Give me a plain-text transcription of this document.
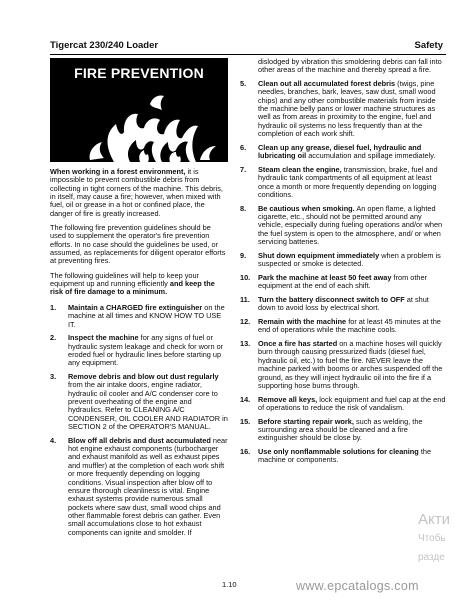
Tigercat 230/240 Loader	Safety
FIRE PREVENTION

When working in a forest environment, it is impossible to prevent combustible debris from collecting in tight corners of the machine. This debris, in itself, may cause a fire; however, when mixed with fuel, oil or grease in a hot or confined place, the danger of fire is greatly increased.

The following fire prevention guidelines should be used to supplement the operator's fire prevention efforts. In no case should the guidelines be used, or assumed, as replacements for diligent operator efforts at preventing fires.

The following guidelines will help to keep your equipment up and running efficiently and keep the risk of fire damage to a minimum.

1. Maintain a CHARGED fire extinguisher on the machine at all times and KNOW HOW TO USE IT.
2. Inspect the machine for any signs of fuel or hydraulic system leakage and check for worn or eroded fuel or hydraulic lines before starting up any equipment.
3. Remove debris and blow out dust regularly from the air intake doors, engine radiator, hydraulic oil cooler and A/C condenser core to prevent overheating of the engine and hydraulics. Refer to CLEANING A/C CONDENSER, OIL COOLER AND RADIATOR in SECTION 2 of the OPERATOR'S MANUAL.
4. Blow off all debris and dust accumulated near hot engine exhaust components (turbocharger and exhaust manifold as well as exhaust pipes and muffler) at the completion of each work shift or more frequently depending on logging conditions. Visual inspection after blow off to ensure thorough cleanliness is vital. Engine exhaust systems provide numerous small pockets where saw dust, small wood chips and other flammable forest debris can gather. Even small accumulations close to hot exhaust components can ignite and smolder. If
dislodged by vibration this smoldering debris can fall into other areas of the machine and thereby spread a fire.
5. Clean out all accumulated forest debris (twigs, pine needles, branches, bark, leaves, saw dust, small wood chips) and any other combustible materials from inside the machine belly pans or lower machine structures as well as from areas in proximity to the engine, fuel and hydraulic oil systems no less frequently than at the completion of each work shift.
6. Clean up any grease, diesel fuel, hydraulic and lubricating oil accumulation and spillage immediately.
7. Steam clean the engine, transmission, brake, fuel and hydraulic tank compartments of all equipment at least once a month or more frequently depending on logging conditions.
8. Be cautious when smoking. An open flame, a lighted cigarette, etc., should not be permitted around any vehicle, especially during fueling operations and/or when the fuel system is open to the atmosphere, and/ or when servicing batteries.
9. Shut down equipment immediately when a problem is suspected or smoke is detected.
10. Park the machine at least 50 feet away from other equipment at the end of each shift.
11. Turn the battery disconnect switch to OFF at shut down to avoid loss by electrical short.
12. Remain with the machine for at least 45 minutes at the end of operations while the machine cools.
13. Once a fire has started on a machine hoses will quickly burn through causing pressurized fluids (diesel fuel, hydraulic oil, etc.) to fuel the fire. NEVER leave the machine parked with booms or arches suspended off the ground, as they will inject hydraulic oil into the fire if a supporting hose burns through.
14. Remove all keys, lock equipment and fuel cap at the end of operations to reduce the risk of vandalism.
15. Before starting repair work, such as welding, the surrounding area should be cleaned and a fire extinguisher should be close by.
16. Use only nonflammable solutions for cleaning the machine or components.
1.10
Акти
Чтобь
разде
www.epcatalogs.com
